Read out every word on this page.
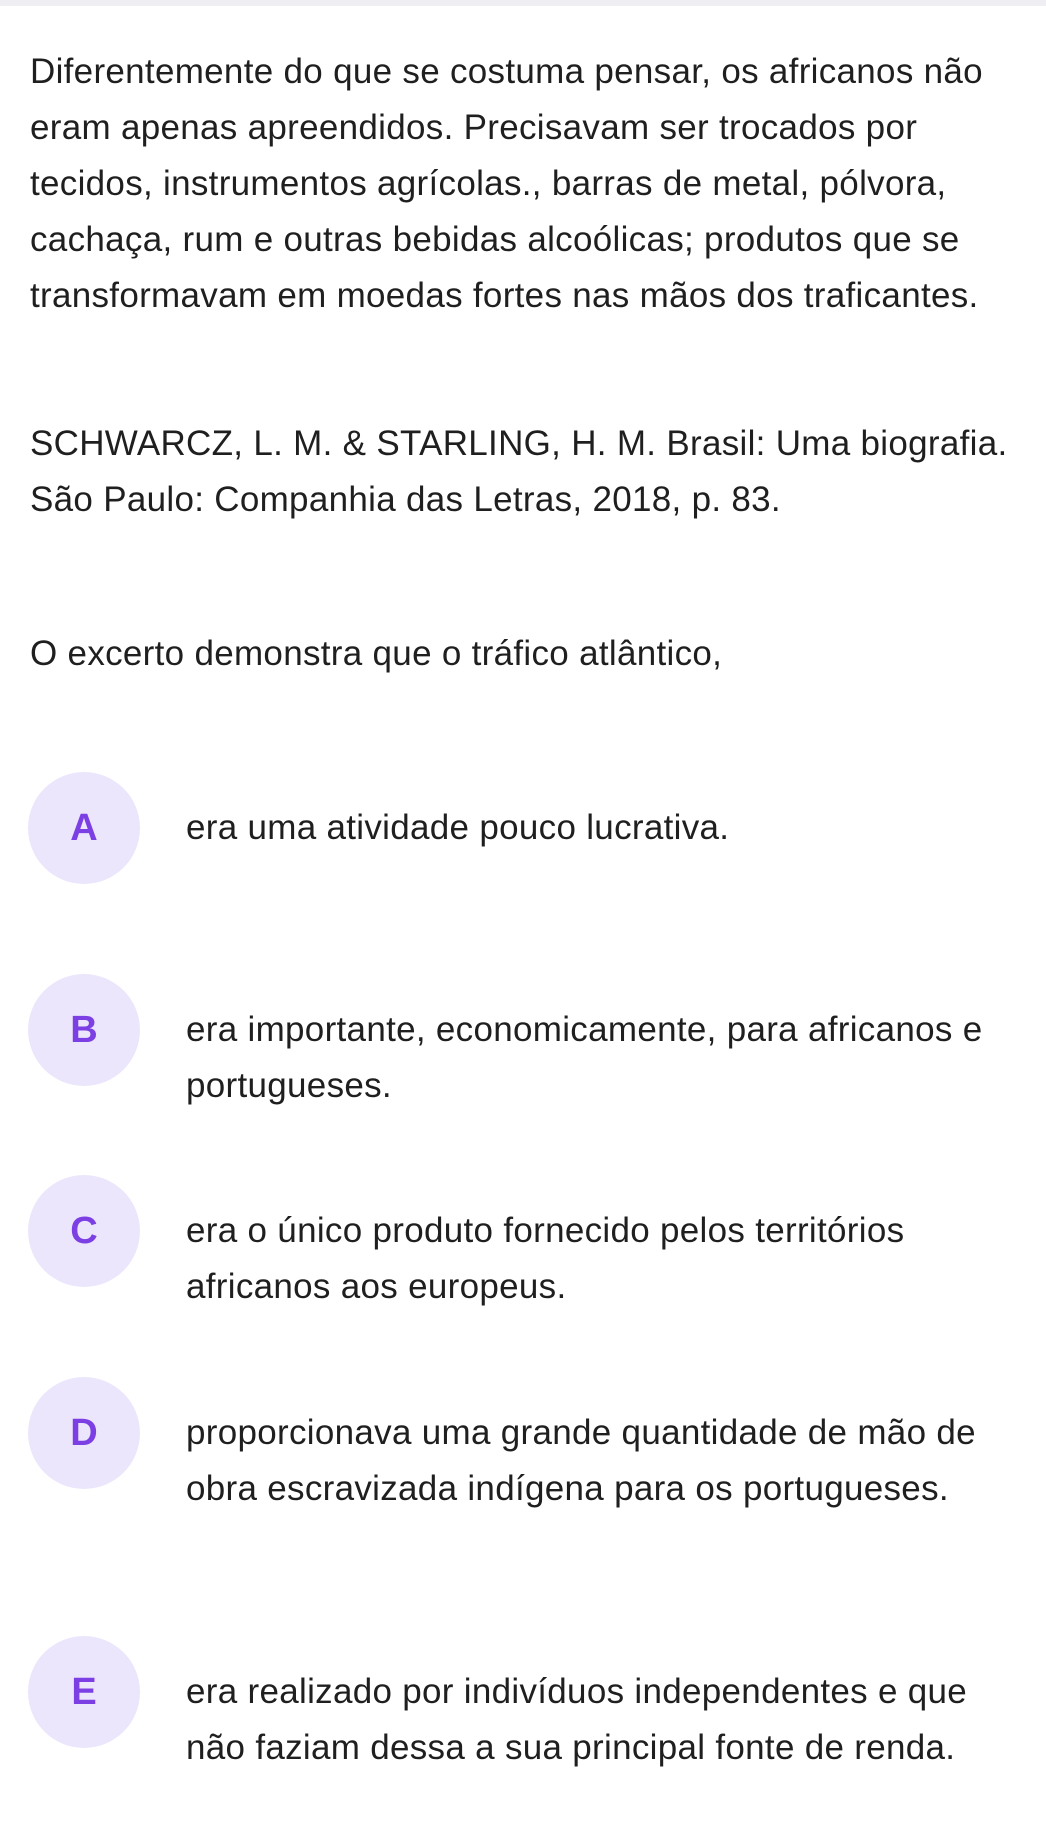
Diferentemente do que se costuma pensar, os africanos não eram apenas apreendidos. Precisavam ser trocados por tecidos, instrumentos agrícolas., barras de metal, pólvora, cachaça, rum e outras bebidas alcoólicas; produtos que se transformavam em moedas fortes nas mãos dos traficantes.

SCHWARCZ, L. M. & STARLING, H. M. Brasil: Uma biografia. São Paulo: Companhia das Letras, 2018, p. 83.

O excerto demonstra que o tráfico atlântico,

A	era uma atividade pouco lucrativa.
B	era importante, economicamente, para africanos e portugueses.
C	era o único produto fornecido pelos territórios africanos aos europeus.
D	proporcionava uma grande quantidade de mão de obra escravizada indígena para os portugueses.
E	era realizado por indivíduos independentes e que não faziam dessa a sua principal fonte de renda.
